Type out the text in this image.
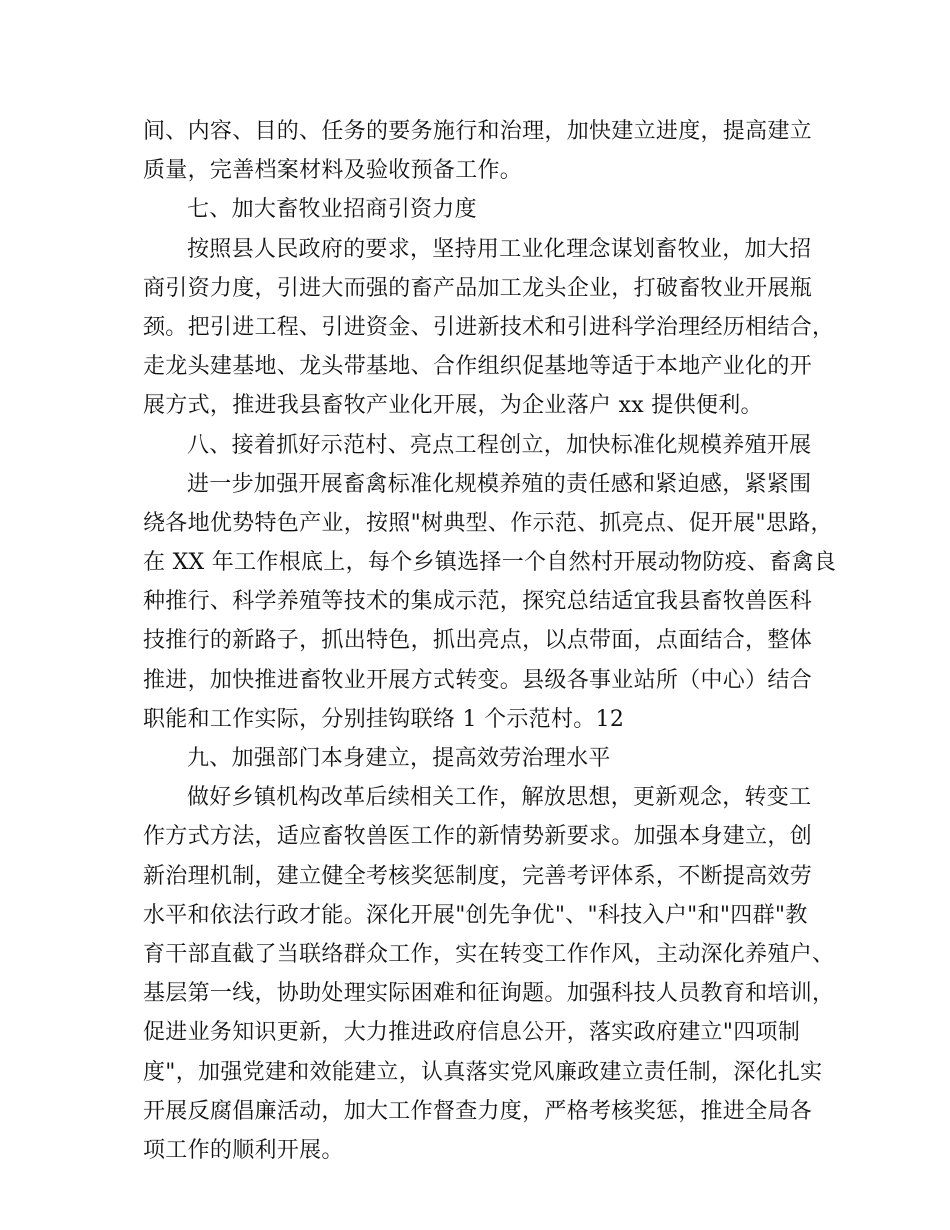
间、内容、目的、任务的要务施行和治理，加快建立进度，提高建立
质量，完善档案材料及验收预备工作。
七、加大畜牧业招商引资力度
按照县人民政府的要求，坚持用工业化理念谋划畜牧业，加大招
商引资力度，引进大而强的畜产品加工龙头企业，打破畜牧业开展瓶
颈。把引进工程、引进资金、引进新技术和引进科学治理经历相结合，
走龙头建基地、龙头带基地、合作组织促基地等适于本地产业化的开
展方式，推进我县畜牧产业化开展，为企业落户 xx 提供便利。
八、接着抓好示范村、亮点工程创立，加快标准化规模养殖开展
进一步加强开展畜禽标准化规模养殖的责任感和紧迫感，紧紧围
绕各地优势特色产业，按照"树典型、作示范、抓亮点、促开展"思路，
在 XX 年工作根底上，每个乡镇选择一个自然村开展动物防疫、畜禽良
种推行、科学养殖等技术的集成示范，探究总结适宜我县畜牧兽医科
技推行的新路子，抓出特色，抓出亮点，以点带面，点面结合，整体
推进，加快推进畜牧业开展方式转变。县级各事业站所（中心）结合
职能和工作实际，分别挂钩联络 1 个示范村。12
九、加强部门本身建立，提高效劳治理水平
做好乡镇机构改革后续相关工作，解放思想，更新观念，转变工
作方式方法，适应畜牧兽医工作的新情势新要求。加强本身建立，创
新治理机制，建立健全考核奖惩制度，完善考评体系，不断提高效劳
水平和依法行政才能。深化开展"创先争优"、"科技入户"和"四群"教
育干部直截了当联络群众工作，实在转变工作作风，主动深化养殖户、
基层第一线，协助处理实际困难和征询题。加强科技人员教育和培训，
促进业务知识更新，大力推进政府信息公开，落实政府建立"四项制
度"，加强党建和效能建立，认真落实党风廉政建立责任制，深化扎实
开展反腐倡廉活动，加大工作督查力度，严格考核奖惩，推进全局各
项工作的顺利开展。
